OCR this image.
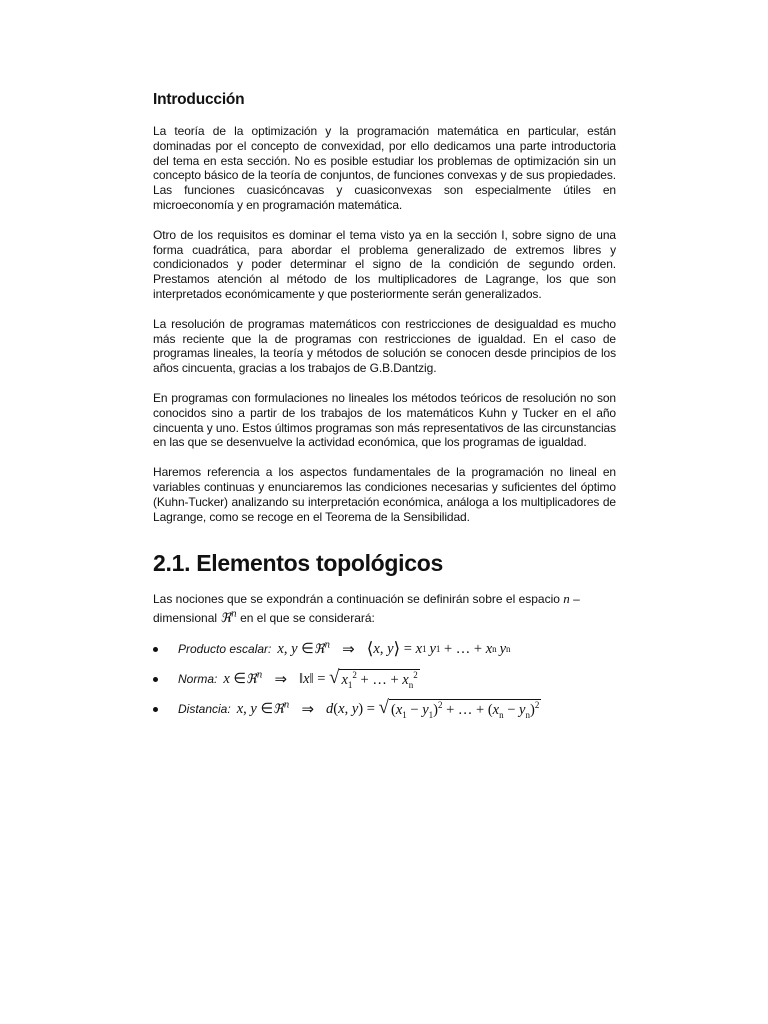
Introducción

La teoría de la optimización y la programación matemática en particular, están dominadas por el concepto de convexidad, por ello dedicamos una parte introductoria del tema en esta sección. No es posible estudiar los problemas de optimización sin un concepto básico de la teoría de conjuntos, de funciones convexas y de sus propiedades. Las funciones cuasicóncavas y cuasiconvexas son especialmente útiles en microeconomía y en programación matemática.

Otro de los requisitos es dominar el tema visto ya en la sección I, sobre signo de una forma cuadrática, para abordar el problema generalizado de extremos libres y condicionados y poder determinar el signo de la condición de segundo orden. Prestamos atención al método de los multiplicadores de Lagrange, los que son interpretados económicamente y que posteriormente serán generalizados.

La resolución de programas matemáticos con restricciones de desigualdad es mucho más reciente que la de programas con restricciones de igualdad. En el caso de programas lineales, la teoría y métodos de solución se conocen desde principios de los años cincuenta, gracias a los trabajos de G.B.Dantzig.

En programas con formulaciones no lineales los métodos teóricos de resolución no son conocidos sino a partir de los trabajos de los matemáticos Kuhn y Tucker en el año cincuenta y uno. Estos últimos programas son más representativos de las circunstancias en las que se desenvuelve la actividad económica, que los programas de igualdad.

Haremos referencia a los aspectos fundamentales de la programación no lineal en variables continuas y enunciaremos las condiciones necesarias y suficientes del óptimo (Kuhn-Tucker) analizando su interpretación económica, análoga a los multiplicadores de Lagrange, como se recoge en el Teorema de la Sensibilidad.

2.1. Elementos topológicos

Las nociones que se expondrán a continuación se definirán sobre el espacio n –
dimensional ℜ$^n$ en el que se considerará:

Producto escalar: x , y ∈ ℜ$^n$ ⇒ ⟨ x , y ⟩ = x 1
  y 1 + … + x n
  y n
Norma: x ∈ ℜ$^n$ ⇒ ‖ x ‖ = √ $x_1^2$ + … + $x_n^2$
Distancia: x , y ∈ ℜ$^n$ ⇒ d ( x , y ) = √ $(x_1 - y_1)^2$ + … + $(x_n - y_n)^2$
